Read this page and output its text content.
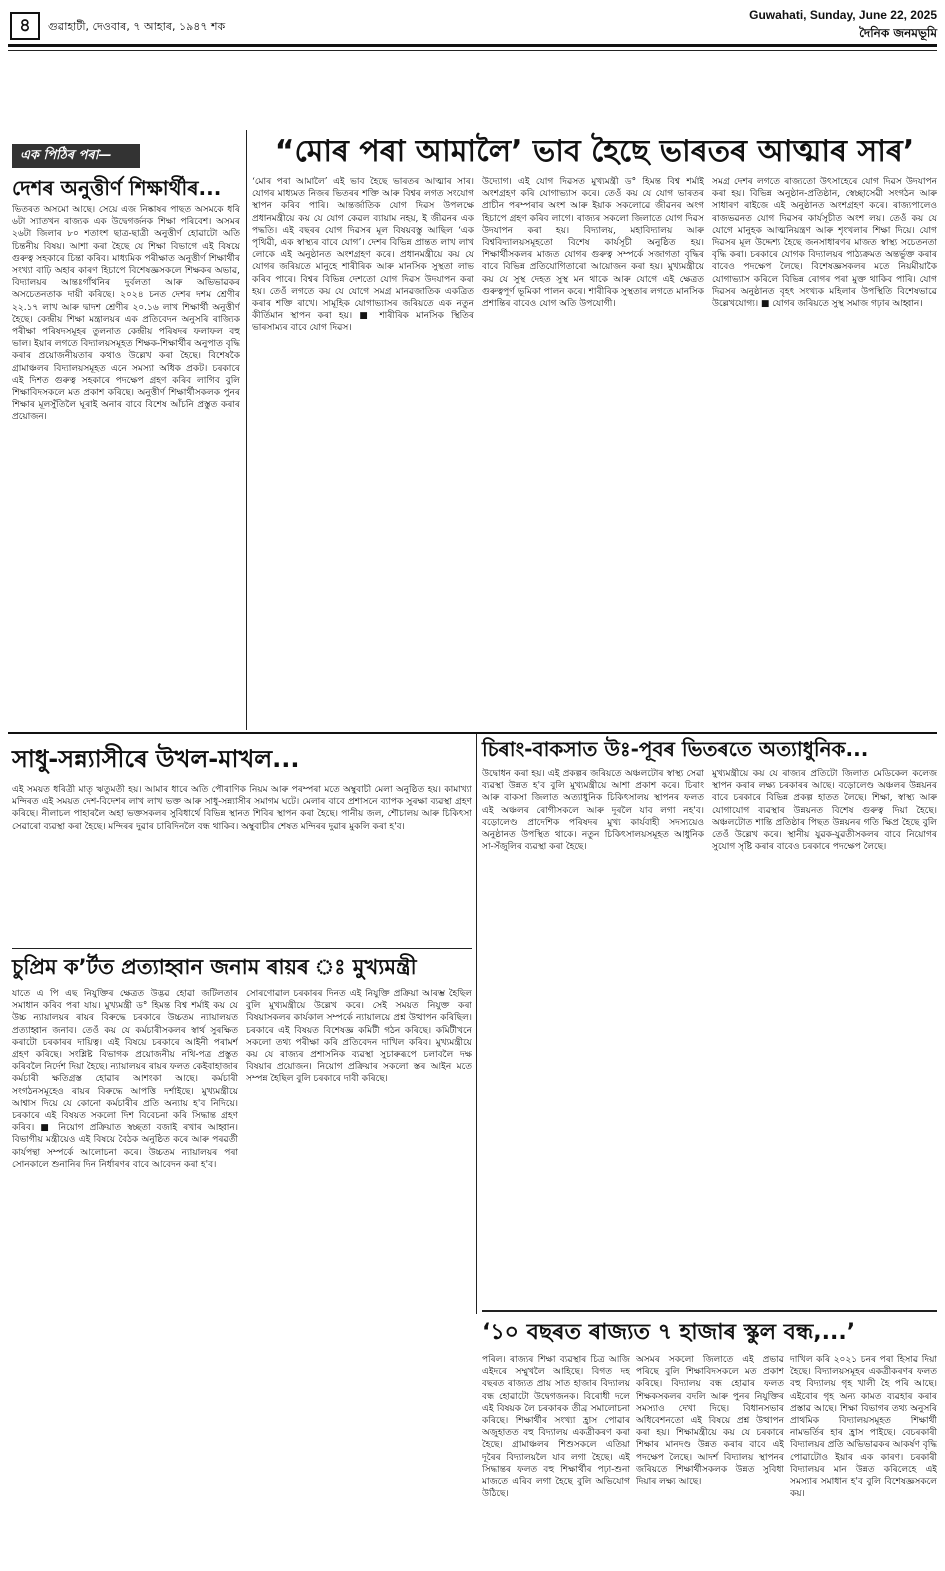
৪	গুৱাহাটী, দেওবাৰ, ৭ আহাৰ, ১৯৪৭ শক
Guwahati, Sunday, June 22, 2025
দৈনিক জনমভূমি
এক পিঠিৰ পৰা—
দেশৰ অনুত্তীৰ্ণ শিক্ষাৰ্থীৰ...
ভিতৰত অসমো আছে। সেয়ে এজ নিষ্কাষৰ পাছত অসমকে ধৰি ৬টা স্যাতখন ৰাজ্যক এক উদ্বেগৰ্জনক শিক্ষা পৰিবেশ। অসমৰ ২৬টা জিলাৰ ৮০ শতাংশ ছাত্ৰ-ছাত্ৰী অনুত্তীৰ্ণ হোৱাটো অতি চিন্তনীয় বিষয়। আশা কৰা হৈছে যে শিক্ষা বিভাগে এই বিষয়ে গুৰুত্ব সহকাৰে চিন্তা কৰিব। মাধ্যমিক পৰীক্ষাত অনুত্তীৰ্ণ শিক্ষাৰ্থীৰ সংখ্যা বাঢ়ি অহাৰ কাৰণ হিচাপে বিশেষজ্ঞসকলে শিক্ষকৰ অভাৱ, বিদ্যালয়ৰ আন্তঃগাঁথনিৰ দুৰ্বলতা আৰু অভিভাৱকৰ অসচেতনতাক দায়ী কৰিছে। ২০২৪ চনত দেশৰ দশম শ্ৰেণীৰ ২২.১৭ লাখ আৰু দ্বাদশ শ্ৰেণীৰ ২০.১৬ লাখ শিক্ষাৰ্থী অনুত্তীৰ্ণ হৈছে। কেন্দ্ৰীয় শিক্ষা মন্ত্ৰালয়ৰ এক প্ৰতিবেদন অনুসৰি ৰাজ্যিক পৰীক্ষা পৰিষদসমূহৰ তুলনাত কেন্দ্ৰীয় পৰিষদৰ ফলাফল বহু ভাল। ইয়াৰ লগতে বিদ্যালয়সমূহত শিক্ষক-শিক্ষাৰ্থীৰ অনুপাত বৃদ্ধি কৰাৰ প্ৰয়োজনীয়তাৰ কথাও উল্লেখ কৰা হৈছে। বিশেষকৈ গ্ৰামাঞ্চলৰ বিদ্যালয়সমূহত এনে সমস্যা অধিক প্ৰকট। চৰকাৰে এই দিশত গুৰুত্ব সহকাৰে পদক্ষেপ গ্ৰহণ কৰিব লাগিব বুলি শিক্ষাবিদসকলে মত প্ৰকাশ কৰিছে। অনুত্তীৰ্ণ শিক্ষাৰ্থীসকলক পুনৰ শিক্ষাৰ মূলসুঁতিলৈ ঘূৰাই অনাৰ বাবে বিশেষ আঁচনি প্ৰস্তুত কৰাৰ প্ৰয়োজন।
“মোৰ পৰা আমালৈ’ ভাব হৈছে ভাৰতৰ আত্মাৰ সাৰ’
‘মোৰ পৰা আমালৈ’ এই ভাব হৈছে ভাৰতৰ আত্মাৰ সাৰ। যোগৰ মাধ্যমত নিজৰ ভিতৰৰ শক্তি আৰু বিশ্বৰ লগত সংযোগ স্থাপন কৰিব পাৰি। আন্তৰ্জাতিক যোগ দিৱস উপলক্ষে প্ৰধানমন্ত্ৰীয়ে কয় যে যোগ কেৱল ব্যায়াম নহয়, ই জীৱনৰ এক পদ্ধতি। এই বছৰৰ যোগ দিৱসৰ মূল বিষয়বস্তু আছিল ‘এক পৃথিৱী, এক স্বাস্থ্যৰ বাবে যোগ’। দেশৰ বিভিন্ন প্ৰান্তত লাখ লাখ লোকে এই অনুষ্ঠানত অংশগ্ৰহণ কৰে। প্ৰধানমন্ত্ৰীয়ে কয় যে যোগৰ জৰিয়তে মানুহে শাৰীৰিক আৰু মানসিক সুস্থতা লাভ কৰিব পাৰে। বিশ্বৰ বিভিন্ন দেশতো যোগ দিৱস উদযাপন কৰা হয়। তেওঁ লগতে কয় যে যোগে সমগ্ৰ মানৱজাতিক একত্ৰিত কৰাৰ শক্তি ৰাখে। সামূহিক যোগাভ্যাসৰ জৰিয়তে এক নতুন কীৰ্তিমান স্থাপন কৰা হয়। ■ শাৰীৰিক মানসিক স্থিতিৰ ভাৰসাম্যৰ বাবে যোগ দিৱস।
উদ্যোগ। এই যোগ দিৱসত মুখ্যমন্ত্ৰী ড° হিমন্ত বিশ্ব শৰ্মাই অংশগ্ৰহণ কৰি যোগাভ্যাস কৰে। তেওঁ কয় যে যোগ ভাৰতৰ প্ৰাচীন পৰম্পৰাৰ অংশ আৰু ইয়াক সকলোৱে জীৱনৰ অংগ হিচাপে গ্ৰহণ কৰিব লাগে। ৰাজ্যৰ সকলো জিলাতে যোগ দিৱস উদযাপন কৰা হয়। বিদ্যালয়, মহাবিদ্যালয় আৰু বিশ্ববিদ্যালয়সমূহতো বিশেষ কাৰ্যসূচী অনুষ্ঠিত হয়। শিক্ষাৰ্থীসকলৰ মাজত যোগৰ গুৰুত্ব সম্পৰ্কে সজাগতা বৃদ্ধিৰ বাবে বিভিন্ন প্ৰতিযোগিতাৰো আয়োজন কৰা হয়। মুখ্যমন্ত্ৰীয়ে কয় যে সুস্থ দেহত সুস্থ মন থাকে আৰু যোগে এই ক্ষেত্ৰত গুৰুত্বপূৰ্ণ ভূমিকা পালন কৰে। শাৰীৰিক সুস্থতাৰ লগতে মানসিক প্ৰশান্তিৰ বাবেও যোগ অতি উপযোগী।
সমগ্ৰ দেশৰ লগতে ৰাজ্যতো উৎসাহেৰে যোগ দিৱস উদযাপন কৰা হয়। বিভিন্ন অনুষ্ঠান-প্ৰতিষ্ঠান, স্বেচ্ছাসেৱী সংগঠন আৰু সাধাৰণ ৰাইজে এই অনুষ্ঠানত অংশগ্ৰহণ কৰে। ৰাজ্যপালেও ৰাজভৱনত যোগ দিৱসৰ কাৰ্যসূচীত অংশ লয়। তেওঁ কয় যে যোগে মানুহক আত্মনিয়ন্ত্ৰণ আৰু শৃংখলাৰ শিক্ষা দিয়ে। যোগ দিৱসৰ মূল উদ্দেশ্য হৈছে জনসাধাৰণৰ মাজত স্বাস্থ্য সচেতনতা বৃদ্ধি কৰা। চৰকাৰে যোগক বিদ্যালয়ৰ পাঠ্যক্ৰমত অন্তৰ্ভুক্ত কৰাৰ বাবেও পদক্ষেপ লৈছে। বিশেষজ্ঞসকলৰ মতে নিয়মীয়াকৈ যোগাভ্যাস কৰিলে বিভিন্ন ৰোগৰ পৰা মুক্ত থাকিব পাৰি। যোগ দিৱসৰ অনুষ্ঠানত বৃহৎ সংখ্যক মহিলাৰ উপস্থিতি বিশেষভাৱে উল্লেখযোগ্য। ■ যোগৰ জৰিয়তে সুস্থ সমাজ গঢ়াৰ আহ্বান।
সাধু-সন্ন্যাসীৰে উখল-মাখল...
এই সময়ত ধৰিত্ৰী মাতৃ ঋতুমতী হয়। আমাৰ ধাৰে অতি পৌৰাণিক নিয়ম আৰু পৰম্পৰা মতে অম্বুবাচী মেলা অনুষ্ঠিত হয়। কামাখ্যা মন্দিৰত এই সময়ত দেশ-বিদেশৰ লাখ লাখ ভক্ত আৰু সাধু-সন্ন্যাসীৰ সমাগম ঘটে। মেলাৰ বাবে প্ৰশাসনে ব্যাপক সুৰক্ষা ব্যৱস্থা গ্ৰহণ কৰিছে। নীলাচল পাহাৰলৈ অহা ভক্তসকলৰ সুবিধাৰ্থে বিভিন্ন স্থানত শিবিৰ স্থাপন কৰা হৈছে। পানীয় জল, শৌচালয় আৰু চিকিৎসা সেৱাৰো ব্যৱস্থা কৰা হৈছে। মন্দিৰৰ দুৱাৰ চাৰিদিনলৈ বন্ধ থাকিব। অম্বুবাচীৰ শেষত মন্দিৰৰ দুৱাৰ মুকলি কৰা হ'ব।
চিৰাং-বাকসাত উঃ-পূবৰ ভিতৰতে অত্যাধুনিক...
উদ্বোধন কৰা হয়। এই প্ৰকল্পৰ জৰিয়তে অঞ্চলটোৰ স্বাস্থ্য সেৱা ব্যৱস্থা উন্নত হ'ব বুলি মুখ্যমন্ত্ৰীয়ে আশা প্ৰকাশ কৰে। চিৰাং আৰু বাকসা জিলাত অত্যাধুনিক চিকিৎসালয় স্থাপনৰ ফলত এই অঞ্চলৰ ৰোগীসকলে আৰু দূৰলৈ যাব লগা নহ'ব। বড়োলেণ্ড প্ৰাদেশিক পৰিষদৰ মুখ্য কাৰ্যবাহী সদস্যয়েও অনুষ্ঠানত উপস্থিত থাকে। নতুন চিকিৎসালয়সমূহত আধুনিক সা-সঁজুলিৰ ব্যৱস্থা কৰা হৈছে।
মুখ্যমন্ত্ৰীয়ে কয় যে ৰাজ্যৰ প্ৰতিটো জিলাত মেডিকেল কলেজ স্থাপন কৰাৰ লক্ষ্য চৰকাৰৰ আছে। বড়োলেণ্ড অঞ্চলৰ উন্নয়নৰ বাবে চৰকাৰে বিভিন্ন প্ৰকল্প হাতত লৈছে। শিক্ষা, স্বাস্থ্য আৰু যোগাযোগ ব্যৱস্থাৰ উন্নয়নত বিশেষ গুৰুত্ব দিয়া হৈছে। অঞ্চলটোত শান্তি প্ৰতিষ্ঠাৰ পিছত উন্নয়নৰ গতি ক্ষিপ্ৰ হৈছে বুলি তেওঁ উল্লেখ কৰে। স্থানীয় যুৱক-যুৱতীসকলৰ বাবে নিয়োগৰ সুযোগ সৃষ্টি কৰাৰ বাবেও চৰকাৰে পদক্ষেপ লৈছে।
চুপ্ৰিম ক’ৰ্টত প্ৰত্যাহ্বান জনাম ৰায়ৰ ঃ মুখ্যমন্ত্ৰী
যাতে এ পি এছ নিযুক্তিৰ ক্ষেত্ৰত উদ্ভৱ হোৱা জটিলতাৰ সমাধান কৰিব পৰা যায়। মুখ্যমন্ত্ৰী ড° হিমন্ত বিশ্ব শৰ্মাই কয় যে উচ্চ ন্যায়ালয়ৰ ৰায়ৰ বিৰুদ্ধে চৰকাৰে উচ্চতম ন্যায়ালয়ত প্ৰত্যাহ্বান জনাব। তেওঁ কয় যে কৰ্মচাৰীসকলৰ স্বাৰ্থ সুৰক্ষিত কৰাটো চৰকাৰৰ দায়িত্ব। এই বিষয়ে চৰকাৰে আইনী পৰামৰ্শ গ্ৰহণ কৰিছে। সংশ্লিষ্ট বিভাগক প্ৰয়োজনীয় নথি-পত্ৰ প্ৰস্তুত কৰিবলৈ নিৰ্দেশ দিয়া হৈছে। ন্যায়ালয়ৰ ৰায়ৰ ফলত কেইবাহাজাৰ কৰ্মচাৰী ক্ষতিগ্ৰস্ত হোৱাৰ আশংকা আছে। কৰ্মচাৰী সংগঠনসমূহেও ৰায়ৰ বিৰুদ্ধে আপত্তি দৰ্শাইছে। মুখ্যমন্ত্ৰীয়ে আশ্বাস দিয়ে যে কোনো কৰ্মচাৰীৰ প্ৰতি অন্যায় হ'ব নিদিয়ে। চৰকাৰে এই বিষয়ত সকলো দিশ বিবেচনা কৰি সিদ্ধান্ত গ্ৰহণ কৰিব। ■ নিয়োগ প্ৰক্ৰিয়াত স্বচ্ছতা বজাই ৰখাৰ আহ্বান। বিভাগীয় মন্ত্ৰীয়েও এই বিষয়ে বৈঠক অনুষ্ঠিত কৰে আৰু পৰৱৰ্তী কাৰ্যপন্থা সম্পৰ্কে আলোচনা কৰে। উচ্চতম ন্যায়ালয়ৰ পৰা সোনকালে শুনানিৰ দিন নিৰ্ধাৰণৰ বাবে আবেদন কৰা হ'ব।
সোৰণোৱাল চৰকাৰৰ দিনত এই নিযুক্তি প্ৰক্ৰিয়া আৰম্ভ হৈছিল বুলি মুখ্যমন্ত্ৰীয়ে উল্লেখ কৰে। সেই সময়ত নিযুক্ত কৰা বিষয়াসকলৰ কাৰ্যকাল সম্পৰ্কে ন্যায়ালয়ে প্ৰশ্ন উত্থাপন কৰিছিল। চৰকাৰে এই বিষয়ত বিশেষজ্ঞ কমিটী গঠন কৰিছে। কমিটীখনে সকলো তথ্য পৰীক্ষা কৰি প্ৰতিবেদন দাখিল কৰিব। মুখ্যমন্ত্ৰীয়ে কয় যে ৰাজ্যৰ প্ৰশাসনিক ব্যৱস্থা সুচাৰুৰূপে চলাবলৈ দক্ষ বিষয়াৰ প্ৰয়োজন। নিয়োগ প্ৰক্ৰিয়াৰ সকলো স্তৰ আইন মতে সম্পন্ন হৈছিল বুলি চৰকাৰে দাবী কৰিছে।
‘১০ বছৰত ৰাজ্যত ৭ হাজাৰ স্কুল বন্ধ,...’
পৰিল। ৰাজ্যৰ শিক্ষা ব্যৱস্থাৰ চিত্ৰ আজি এইদৰে সম্মুখলৈ আহিছে। বিগত দহ বছৰত ৰাজ্যত প্ৰায় সাত হাজাৰ বিদ্যালয় বন্ধ হোৱাটো উদ্বেগজনক। বিৰোধী দলে এই বিষয়ক লৈ চৰকাৰক তীব্ৰ সমালোচনা কৰিছে। শিক্ষাৰ্থীৰ সংখ্যা হ্ৰাস পোৱাৰ অজুহাতত বহু বিদ্যালয় একত্ৰীকৰণ কৰা হৈছে। গ্ৰামাঞ্চলৰ শিশুসকলে এতিয়া দূৰৈৰ বিদ্যালয়লৈ যাব লগা হৈছে। এই সিদ্ধান্তৰ ফলত বহু শিক্ষাৰ্থীৰ পঢ়া-শুনা মাজতে এৰিব লগা হৈছে বুলি অভিযোগ উঠিছে।
অসমৰ সকলো জিলাতে এই প্ৰভাৱ পৰিছে বুলি শিক্ষাবিদসকলে মত প্ৰকাশ কৰিছে। বিদ্যালয় বন্ধ হোৱাৰ ফলত শিক্ষকসকলৰ বদলি আৰু পুনৰ নিযুক্তিৰ সমস্যাও দেখা দিছে। বিধানসভাৰ অধিবেশনতো এই বিষয়ে প্ৰশ্ন উত্থাপন কৰা হয়। শিক্ষামন্ত্ৰীয়ে কয় যে চৰকাৰে শিক্ষাৰ মানদণ্ড উন্নত কৰাৰ বাবে এই পদক্ষেপ লৈছে। আদৰ্শ বিদ্যালয় স্থাপনৰ জৰিয়তে শিক্ষাৰ্থীসকলক উন্নত সুবিধা দিয়াৰ লক্ষ্য আছে।
দাখিল কৰি ২০২১ চনৰ পৰা হিসাৱ দিয়া হৈছে। বিদ্যালয়সমূহৰ একত্ৰীকৰণৰ ফলত বহু বিদ্যালয় গৃহ খালী হৈ পৰি আছে। এইবোৰ গৃহ অন্য কামত ব্যৱহাৰ কৰাৰ প্ৰস্তাৱ আছে। শিক্ষা বিভাগৰ তথ্য অনুসৰি প্ৰাথমিক বিদ্যালয়সমূহত শিক্ষাৰ্থী নামভৰ্তিৰ হাৰ হ্ৰাস পাইছে। বেচৰকাৰী বিদ্যালয়ৰ প্ৰতি অভিভাৱকৰ আকৰ্ষণ বৃদ্ধি পোৱাটোও ইয়াৰ এক কাৰণ। চৰকাৰী বিদ্যালয়ৰ মান উন্নত কৰিলেহে এই সমস্যাৰ সমাধান হ'ব বুলি বিশেষজ্ঞসকলে কয়।
